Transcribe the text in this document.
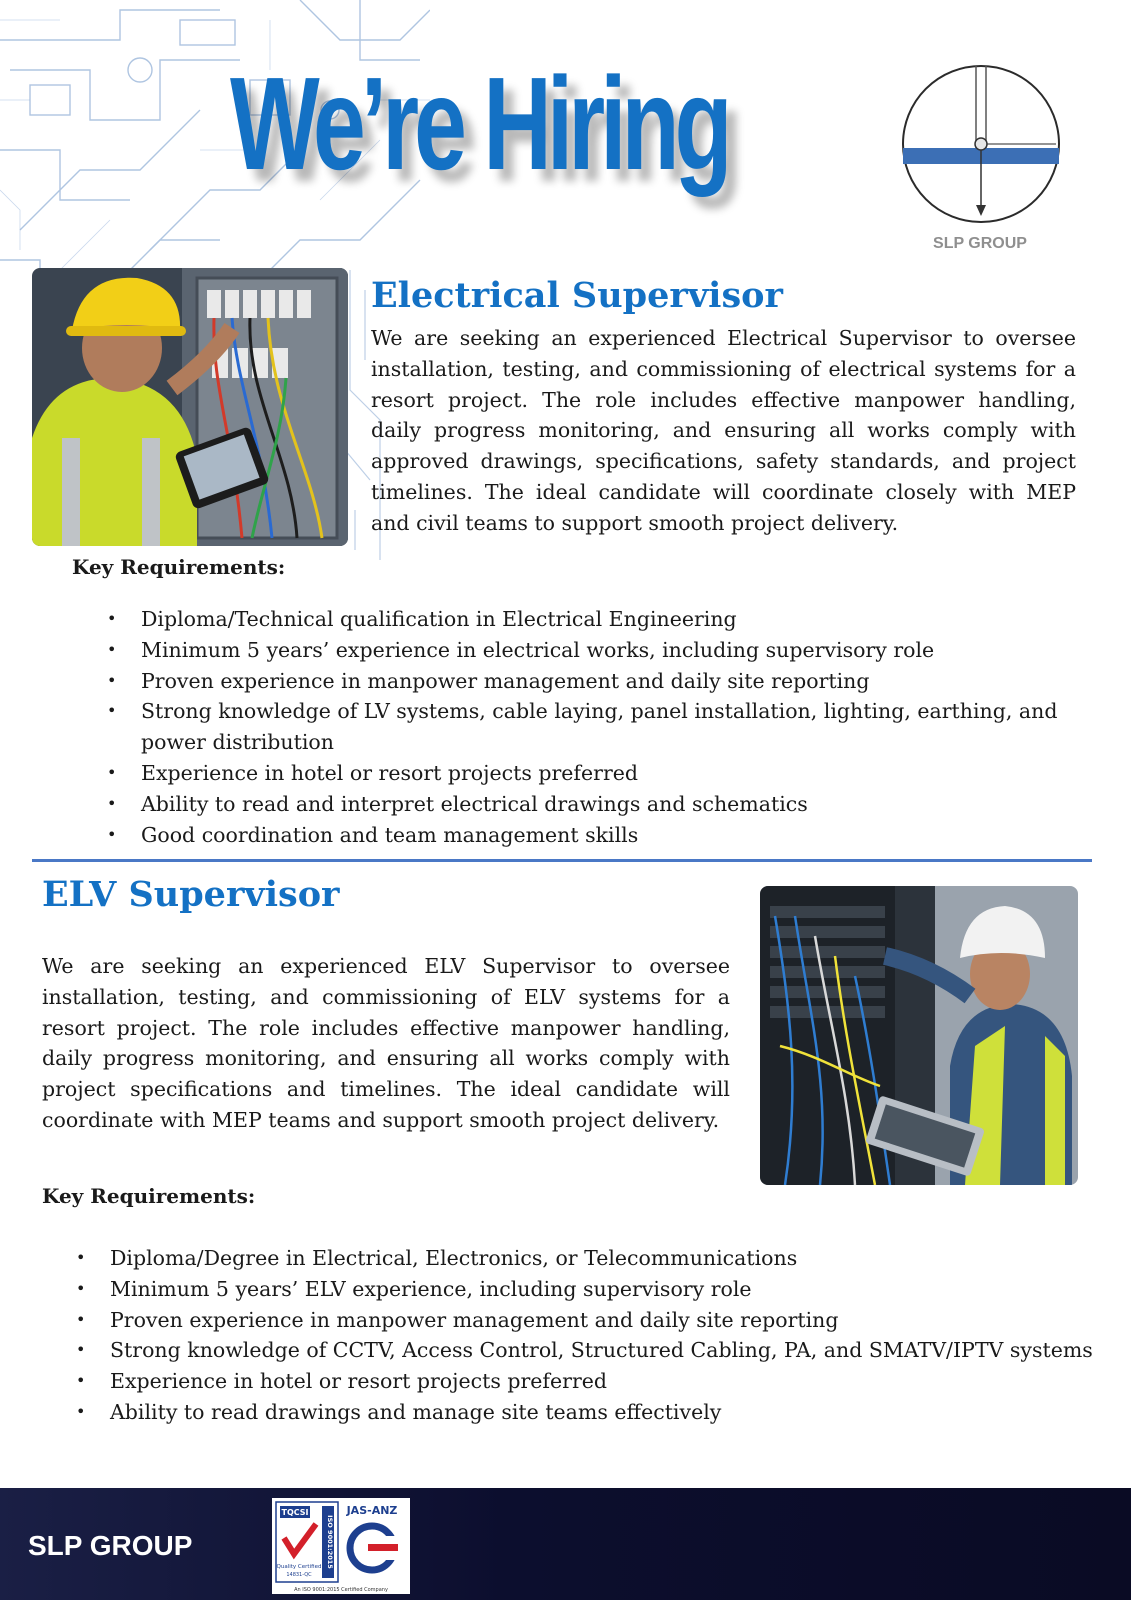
We’re Hiring
SLP GROUP
Electrical Supervisor

We are seeking an experienced Electrical Supervisor to oversee installation, testing, and commissioning of electrical systems for a resort project. The role includes effective manpower handling, daily progress monitoring, and ensuring all works comply with approved drawings, specifications, safety standards, and project timelines. The ideal candidate will coordinate closely with MEP and civil teams to support smooth project delivery.

Key Requirements:
• Diploma/Technical qualification in Electrical Engineering
• Minimum 5 years’ experience in electrical works, including supervisory role
• Proven experience in manpower management and daily site reporting
• Strong knowledge of LV systems, cable laying, panel installation, lighting, earthing, and power distribution
• Experience in hotel or resort projects preferred
• Ability to read and interpret electrical drawings and schematics
• Good coordination and team management skills
ELV Supervisor

We are seeking an experienced ELV Supervisor to oversee installation, testing, and commissioning of ELV systems for a resort project. The role includes effective manpower handling, daily progress monitoring, and ensuring all works comply with project specifications and timelines. The ideal candidate will coordinate with MEP teams and support smooth project delivery.

Key Requirements:
• Diploma/Degree in Electrical, Electronics, or Telecommunications
• Minimum 5 years’ ELV experience, including supervisory role
• Proven experience in manpower management and daily site reporting
• Strong knowledge of CCTV, Access Control, Structured Cabling, PA, and SMATV/IPTV systems
• Experience in hotel or resort projects preferred
• Ability to read drawings and manage site teams effectively
SLP GROUP
TQCSI
ISO 9001:2015
Quality Certified
14831-QC
JAS-ANZ
An ISO 9001:2015 Certified Company
